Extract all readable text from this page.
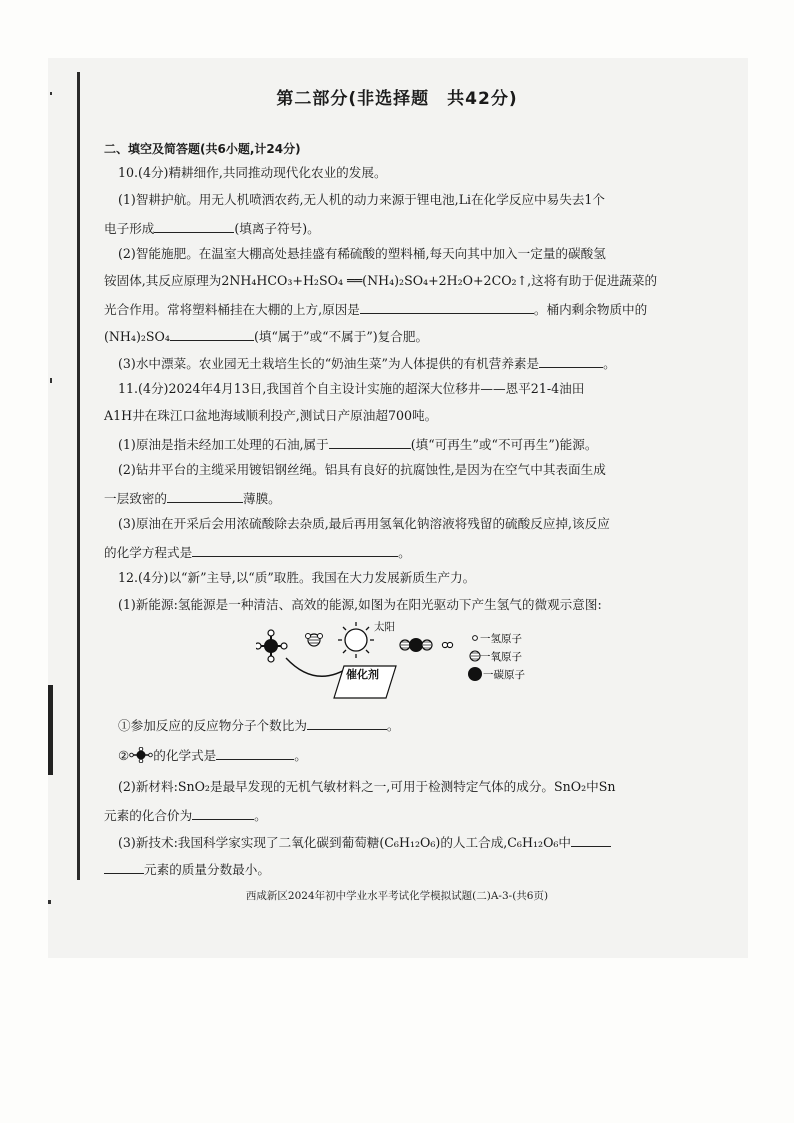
第二部分(非选择题　共42分)
二、填空及简答题(共6小题,计24分)
10.(4分)精耕细作,共同推动现代化农业的发展。
(1)智耕护航。用无人机喷洒农药,无人机的动力来源于锂电池,Li在化学反应中易失去1个
电子形成	(填离子符号)。
(2)智能施肥。在温室大棚高处悬挂盛有稀硫酸的塑料桶,每天向其中加入一定量的碳酸氢
铵固体,其反应原理为2NH₄HCO₃+H₂SO₄ ══(NH₄)₂SO₄+2H₂O+2CO₂↑,这将有助于促进蔬菜的
光合作用。常将塑料桶挂在大棚的上方,原因是	。桶内剩余物质中的
(NH₄)₂SO₄	(填“属于”或“不属于”)复合肥。
(3)水中漂菜。农业园无土栽培生长的“奶油生菜”为人体提供的有机营养素是	。
11.(4分)2024年4月13日,我国首个自主设计实施的超深大位移井——恩平21-4油田
A1H井在珠江口盆地海域顺利投产,测试日产原油超700吨。
(1)原油是指未经加工处理的石油,属于	(填“可再生”或“不可再生”)能源。
(2)钻井平台的主缆采用镀铝钢丝绳。铝具有良好的抗腐蚀性,是因为在空气中其表面生成
一层致密的	薄膜。
(3)原油在开采后会用浓硫酸除去杂质,最后再用氢氧化钠溶液将残留的硫酸反应掉,该反应
的化学方程式是	。
12.(4分)以“新”主导,以“质”取胜。我国在大力发展新质生产力。
(1)新能源:氢能源是一种清洁、高效的能源,如图为在阳光驱动下产生氢气的微观示意图:
太阳
催化剂
一氢原子
一氧原子
一碳原子
①参加反应的反应物分子个数比为	。
② 的化学式是	。
(2)新材料:SnO₂是最早发现的无机气敏材料之一,可用于检测特定气体的成分。SnO₂中Sn
元素的化合价为	。
(3)新技术:我国科学家实现了二氧化碳到葡萄糖(C₆H₁₂O₆)的人工合成,C₆H₁₂O₆中
元素的质量分数最小。
西咸新区2024年初中学业水平考试化学模拟试题(二)A-3-(共6页)
